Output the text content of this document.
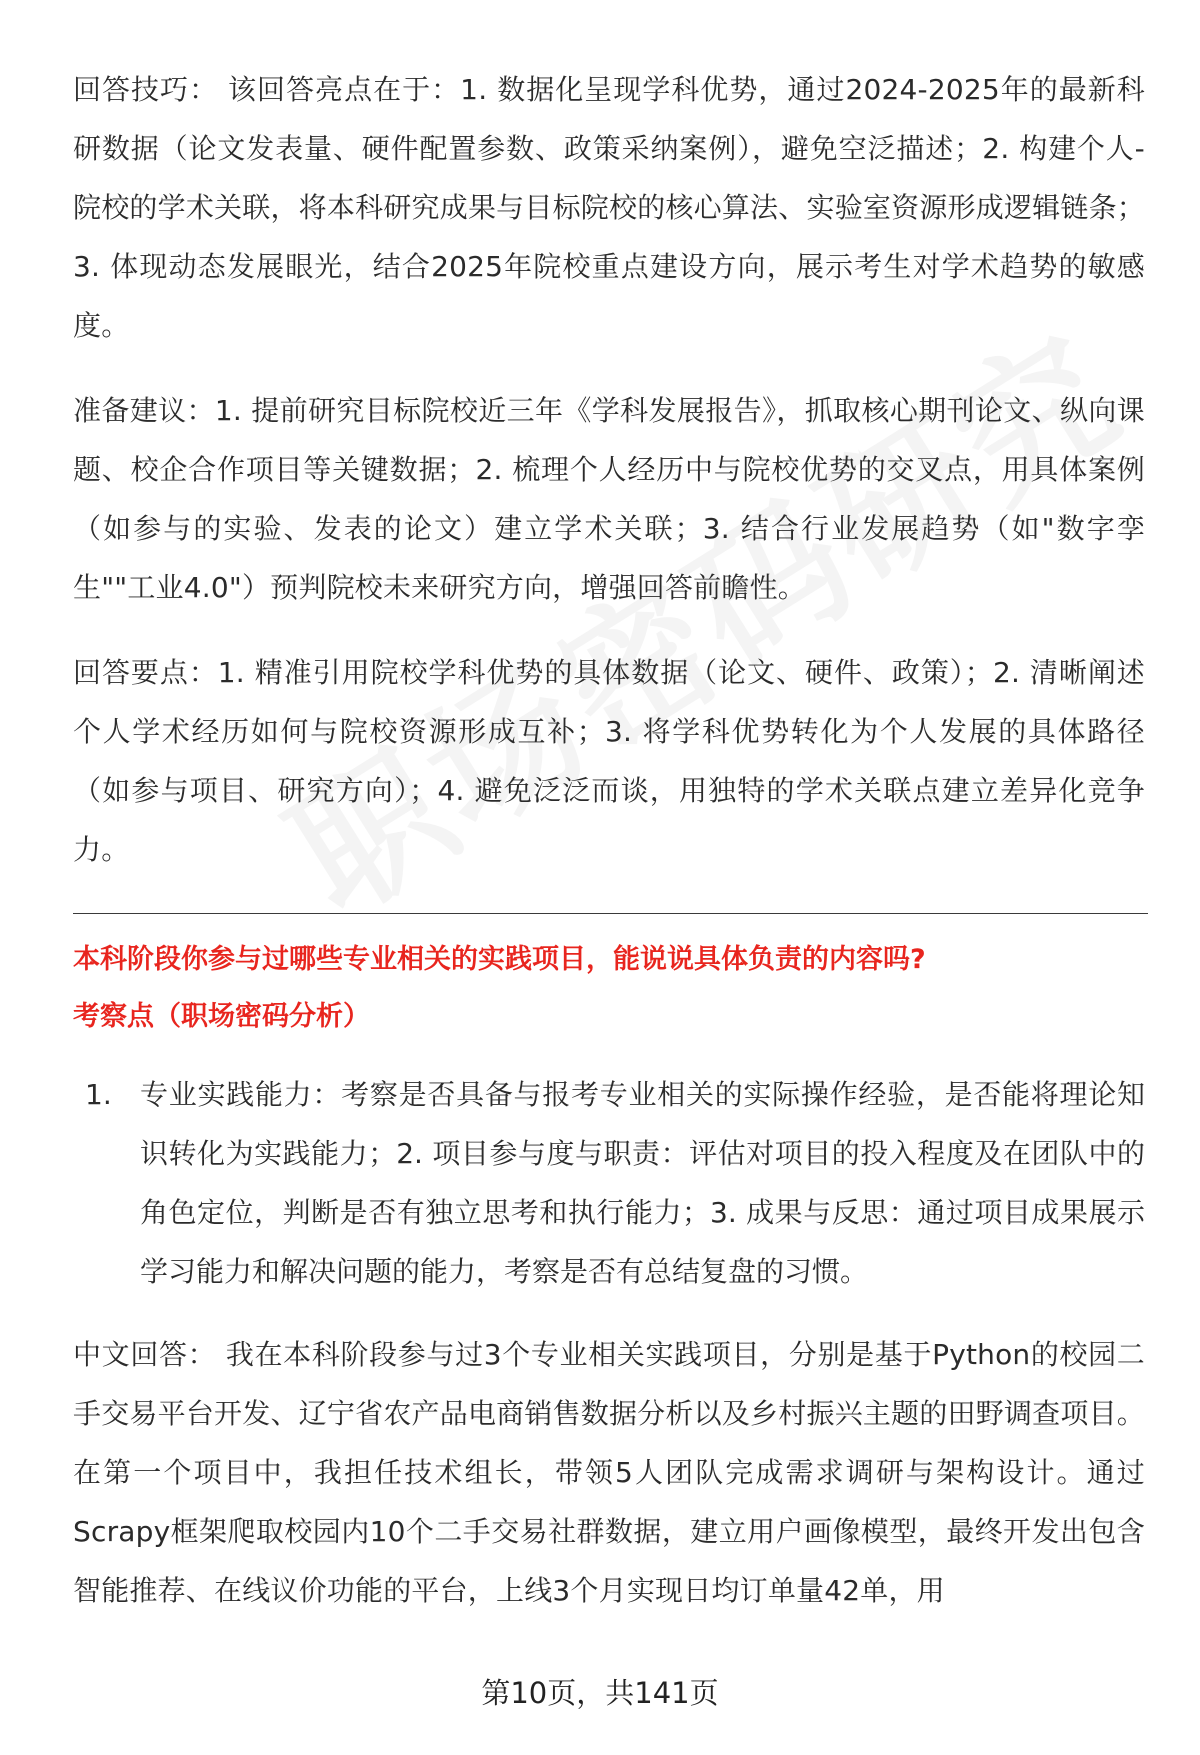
回答技巧： 该回答亮点在于：1. 数据化呈现学科优势，通过2024-2025年的最新科研数据（论文发表量、硬件配置参数、政策采纳案例），避免空泛描述；2. 构建个人-院校的学术关联，将本科研究成果与目标院校的核心算法、实验室资源形成逻辑链条；3. 体现动态发展眼光，结合2025年院校重点建设方向，展示考生对学术趋势的敏感度。

准备建议：1. 提前研究目标院校近三年《学科发展报告》，抓取核心期刊论文、纵向课题、校企合作项目等关键数据；2. 梳理个人经历中与院校优势的交叉点，用具体案例（如参与的实验、发表的论文）建立学术关联；3. 结合行业发展趋势（如"数字孪生""工业4.0"）预判院校未来研究方向，增强回答前瞻性。

回答要点：1. 精准引用院校学科优势的具体数据（论文、硬件、政策）；2. 清晰阐述个人学术经历如何与院校资源形成互补；3. 将学科优势转化为个人发展的具体路径（如参与项目、研究方向）；4. 避免泛泛而谈，用独特的学术关联点建立差异化竞争力。

本科阶段你参与过哪些专业相关的实践项目，能说说具体负责的内容吗?
考察点（职场密码分析）
1.	专业实践能力：考察是否具备与报考专业相关的实际操作经验，是否能将理论知识转化为实践能力；2. 项目参与度与职责：评估对项目的投入程度及在团队中的角色定位，判断是否有独立思考和执行能力；3. 成果与反思：通过项目成果展示学习能力和解决问题的能力，考察是否有总结复盘的习惯。

中文回答： 我在本科阶段参与过3个专业相关实践项目，分别是基于Python的校园二手交易平台开发、辽宁省农产品电商销售数据分析以及乡村振兴主题的田野调查项目。在第一个项目中，我担任技术组长，带领5人团队完成需求调研与架构设计。通过Scrapy框架爬取校园内10个二手交易社群数据，建立用户画像模型，最终开发出包含智能推荐、在线议价功能的平台，上线3个月实现日均订单量42单，用

第10页，共141页
